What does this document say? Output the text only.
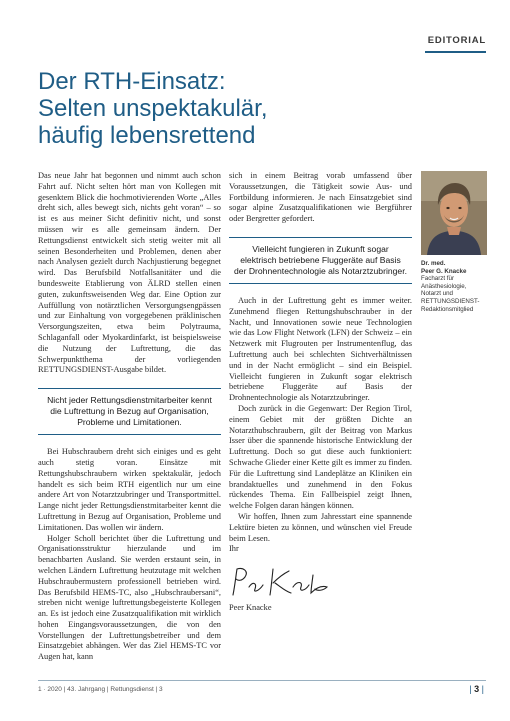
EDITORIAL
Der RTH-Einsatz:
Selten unspektakulär,
häufig lebensrettend

Das neue Jahr hat begonnen und nimmt auch schon Fahrt auf. Nicht selten hört man von Kollegen mit gesenktem Blick die hochmotivierenden Worte „Alles dreht sich, alles bewegt sich, nichts geht voran“ – so ist es aus meiner Sicht definitiv nicht, und sonst müssen wir es alle gemeinsam ändern. Der Rettungsdienst entwickelt sich stetig weiter mit all seinen Besonderheiten und Problemen, denen aber nach Analysen gezielt durch Nachjustierung begegnet wird. Das Berufsbild Notfallsanitäter und die bundesweite Etablierung von ÄLRD stellen einen guten, zukunftsweisenden Weg dar. Eine Option zur Auffüllung von notärztlichen Versorgungsengpässen und zur Einhaltung von vorgegebenen präklinischen Versorgungszeiten, etwa beim Polytrauma, Schlaganfall oder Myokardinfarkt, ist beispielsweise die Nutzung der Luftrettung, die das Schwerpunktthema der vorliegenden RETTUNGSDIENST-Ausgabe bildet.

Nicht jeder Rettungsdienstmitarbeiter kennt die Luftrettung in Bezug auf Organisation, Probleme und Limitationen.

Bei Hubschraubern dreht sich einiges und es geht auch stetig voran. Einsätze mit Rettungshubschraubern wirken spektakulär, jedoch handelt es sich beim RTH eigentlich nur um eine andere Art von Notarztzubringer und Transportmittel. Lange nicht jeder Rettungsdienstmitarbeiter kennt die Luftrettung in Bezug auf Organisation, Probleme und Limitationen. Das wollen wir ändern.

Holger Scholl berichtet über die Luftrettung und Organisationsstruktur hierzulande und im benachbarten Ausland. Sie werden erstaunt sein, in welchen Ländern Luftrettung heutzutage mit welchen Hubschraubermustern professionell betrieben wird. Das Berufsbild HEMS-TC, also „Hubschraubersani“, streben nicht wenige luftrettungsbegeisterte Kollegen an. Es ist jedoch eine Zusatzqualifikation mit wirklich hohen Eingangsvoraussetzungen, die von den Vorstellungen der Luftrettungsbetreiber und dem Einsatzgebiet abhängen. Wer das Ziel HEMS-TC vor Augen hat, kann

sich in einem Beitrag vorab umfassend über Voraussetzungen, die Tätigkeit sowie Aus- und Fortbildung informieren. Je nach Einsatzgebiet sind sogar alpine Zusatzqualifikationen wie Bergführer oder Bergretter gefordert.

Vielleicht fungieren in Zukunft sogar elektrisch betriebene Fluggeräte auf Basis der Drohnentechnologie als Notarztzubringer.

Auch in der Luftrettung geht es immer weiter. Zunehmend fliegen Rettungshubschrauber in der Nacht, und Innovationen sowie neue Technologien wie das Low Flight Network (LFN) der Schweiz – ein Netzwerk mit Flugrouten per Instrumentenflug, das Luftrettung auch bei schlechten Sichtverhältnissen und in der Nacht ermöglicht – sind ein Beispiel. Vielleicht fungieren in Zukunft sogar elektrisch betriebene Fluggeräte auf Basis der Drohnentechnologie als Notarztzubringer.

Doch zurück in die Gegenwart: Der Region Tirol, einem Gebiet mit der größten Dichte an Notarzthubschraubern, gilt der Beitrag von Markus Isser über die spannende historische Entwicklung der Luftrettung. Doch so gut diese auch funktioniert: Schwache Glieder einer Kette gilt es immer zu finden. Für die Luftrettung sind Landeplätze an Kliniken ein brandaktuelles und zunehmend in den Fokus rückendes Thema. Ein Fallbeispiel zeigt Ihnen, welche Folgen daran hängen können.

Wir hoffen, Ihnen zum Jahresstart eine spannende Lektüre bieten zu können, und wünschen viel Freude beim Lesen.

Ihr

Peer Knacke

Dr. med.
Peer G. Knacke
Facharzt für
Anästhesiologie,
Notarzt und
RETTUNGSDIENST-
Redaktionsmitglied
1 · 2020 | 43. Jahrgang | Rettungsdienst | 3	| 3 |
